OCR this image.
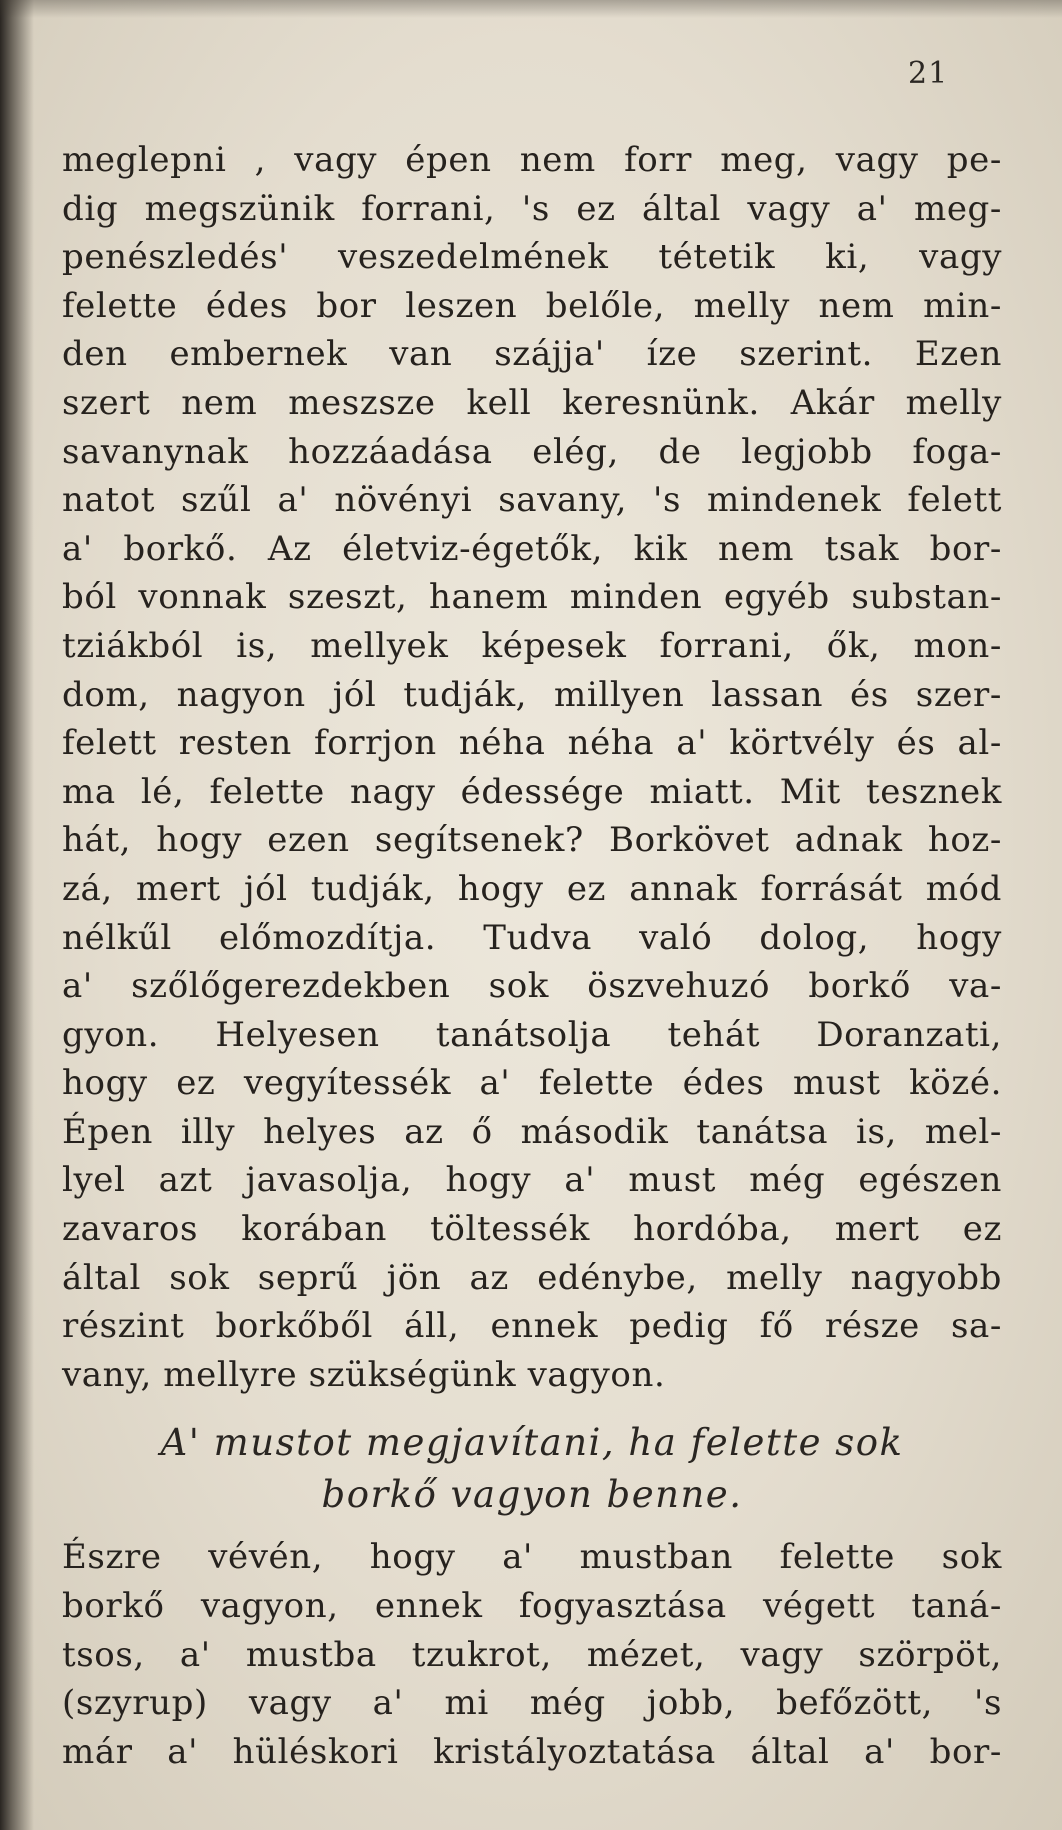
21
meglepni , vagy épen nem forr meg, vagy pe-
dig megszünik forrani, 's ez által vagy a' meg-
penészledés' veszedelmének tétetik ki, vagy
felette édes bor leszen belőle, melly nem min-
den embernek van szájja' íze szerint. Ezen
szert nem meszsze kell keresnünk. Akár melly
savanynak hozzáadása elég, de legjobb foga-
natot szűl a' növényi savany, 's mindenek felett
a' borkő. Az életviz-égetők, kik nem tsak bor-
ból vonnak szeszt, hanem minden egyéb substan-
tziákból is, mellyek képesek forrani, ők, mon-
dom, nagyon jól tudják, millyen lassan és szer-
felett resten forrjon néha néha a' körtvély és al-
ma lé, felette nagy édessége miatt. Mit tesznek
hát, hogy ezen segítsenek? Borkövet adnak hoz-
zá, mert jól tudják, hogy ez annak forrását mód
nélkűl előmozdítja. Tudva való dolog, hogy
a' szőlőgerezdekben sok öszvehuzó borkő va-
gyon. Helyesen tanátsolja tehát Doranzati,
hogy ez vegyítessék a' felette édes must közé.
Épen illy helyes az ő második tanátsa is, mel-
lyel azt javasolja, hogy a' must még egészen
zavaros korában töltessék hordóba, mert ez
által sok seprű jön az edénybe, melly nagyobb
részint borkőből áll, ennek pedig fő része sa-
vany, mellyre szükségünk vagyon.
A' mustot megjavítani, ha felette sok
borkő vagyon benne.
Észre vévén, hogy a' mustban felette sok
borkő vagyon, ennek fogyasztása végett taná-
tsos, a' mustba tzukrot, mézet, vagy szörpöt,
(szyrup) vagy a' mi még jobb, befőzött, 's
már a' hüléskori kristályoztatása által a' bor-
